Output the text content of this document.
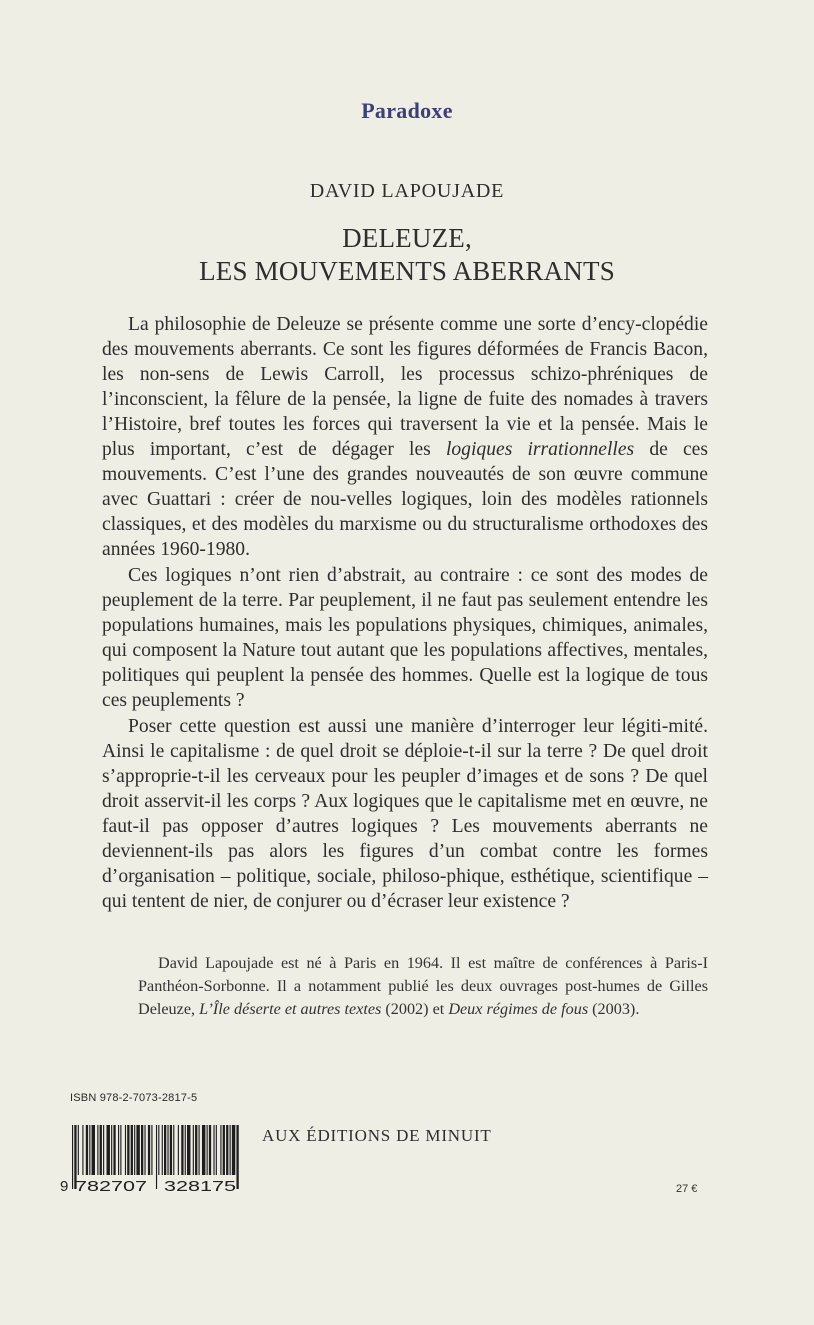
Paradoxe
DAVID LAPOUJADE
DELEUZE,
LES MOUVEMENTS ABERRANTS

La philosophie de Deleuze se présente comme une sorte d’ency-clopédie des mouvements aberrants. Ce sont les figures déformées de Francis Bacon, les non-sens de Lewis Carroll, les processus schizo-phréniques de l’inconscient, la fêlure de la pensée, la ligne de fuite des nomades à travers l’Histoire, bref toutes les forces qui traversent la vie et la pensée. Mais le plus important, c’est de dégager les logiques irrationnelles de ces mouvements. C’est l’une des grandes nouveautés de son œuvre commune avec Guattari : créer de nou-velles logiques, loin des modèles rationnels classiques, et des modèles du marxisme ou du structuralisme orthodoxes des années 1960-1980.

Ces logiques n’ont rien d’abstrait, au contraire : ce sont des modes de peuplement de la terre. Par peuplement, il ne faut pas seulement entendre les populations humaines, mais les populations physiques, chimiques, animales, qui composent la Nature tout autant que les populations affectives, mentales, politiques qui peuplent la pensée des hommes. Quelle est la logique de tous ces peuplements ?

Poser cette question est aussi une manière d’interroger leur légiti-mité. Ainsi le capitalisme : de quel droit se déploie-t-il sur la terre ? De quel droit s’approprie-t-il les cerveaux pour les peupler d’images et de sons ? De quel droit asservit-il les corps ? Aux logiques que le capitalisme met en œuvre, ne faut-il pas opposer d’autres logiques ? Les mouvements aberrants ne deviennent-ils pas alors les figures d’un combat contre les formes d’organisation – politique, sociale, philoso-phique, esthétique, scientifique – qui tentent de nier, de conjurer ou d’écraser leur existence ?

David Lapoujade est né à Paris en 1964. Il est maître de conférences à Paris-I Panthéon-Sorbonne. Il a notamment publié les deux ouvrages post-humes de Gilles Deleuze, L’Île déserte et autres textes (2002) et Deux régimes de fous (2003).

ISBN 978-2-7073-2817-5
9 782707 328175
AUX ÉDITIONS DE MINUIT
27 €
